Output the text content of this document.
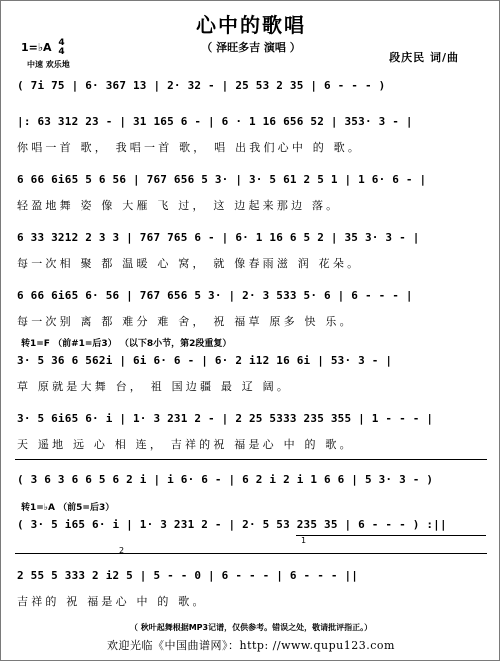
心中的歌唱
（ 泽旺多吉 演唱 ）
段庆民 词/曲
1=♭A 4
4
中速 欢乐地
( 7i 75 | 6· 367 13 | 2· 32 - | 25 53 2 35 | 6 - - - )
|: 63 312 23 - | 31 165 6 - | 6 · 1 16 656 52 | 353· 3 - |
你唱一首 歌， 我唱一首 歌， 唱 出我们心中 的 歌。
6 66 6i65 5 6 56 | 767 656 5 3· | 3· 5 61 2 5 1 | 1 6· 6 - |
轻盈地舞 姿 像 大雁 飞 过， 这 边起来那边 落。
6 33 3212 2 3 3 | 767 765 6 - | 6· 1 16 6 5 2 | 35 3· 3 - |
每一次相 聚 都 温暖 心 窝， 就 像春雨滋 润 花朵。
6 66 6i65 6· 56 | 767 656 5 3· | 2· 3 533 5· 6 | 6 - - - |
每一次别 离 都 难分 难 舍， 祝 福草 原多 快 乐。
转1=F （前#1=后3） （以下8小节，第2段重复）
3· 5 36 6 562i | 6i 6· 6 - | 6· 2 i12 16 6i | 53· 3 - |
草 原就是大舞 台， 祖 国边疆 最 辽 阔。
3· 5 6i65 6· i | 1· 3 231 2 - | 2 25 5333 235 355 | 1 - - - |
天 遥地 远 心 相 连， 吉祥的祝 福是心 中 的 歌。
( 3 6 3 6 6 5 6 2 i | i 6· 6 - | 6 2 i 2 i 1 6 6 | 5 3· 3 - )
转1=♭A （前5=后3）
( 3· 5 i65 6· i | 1· 3 231 2 - | 2· 5 53 235 35 | 6 - - - ) :||
1
2
2 55 5 333 2 i2 5 | 5 - - 0 | 6 - - - | 6 - - - ||
吉祥的 祝 福是心 中 的 歌。
（ 秋叶起舞根据MP3记谱，仅供参考。错误之处，敬请批评指正。）
欢迎光临《中国曲谱网》：http: //www.qupu123.com
